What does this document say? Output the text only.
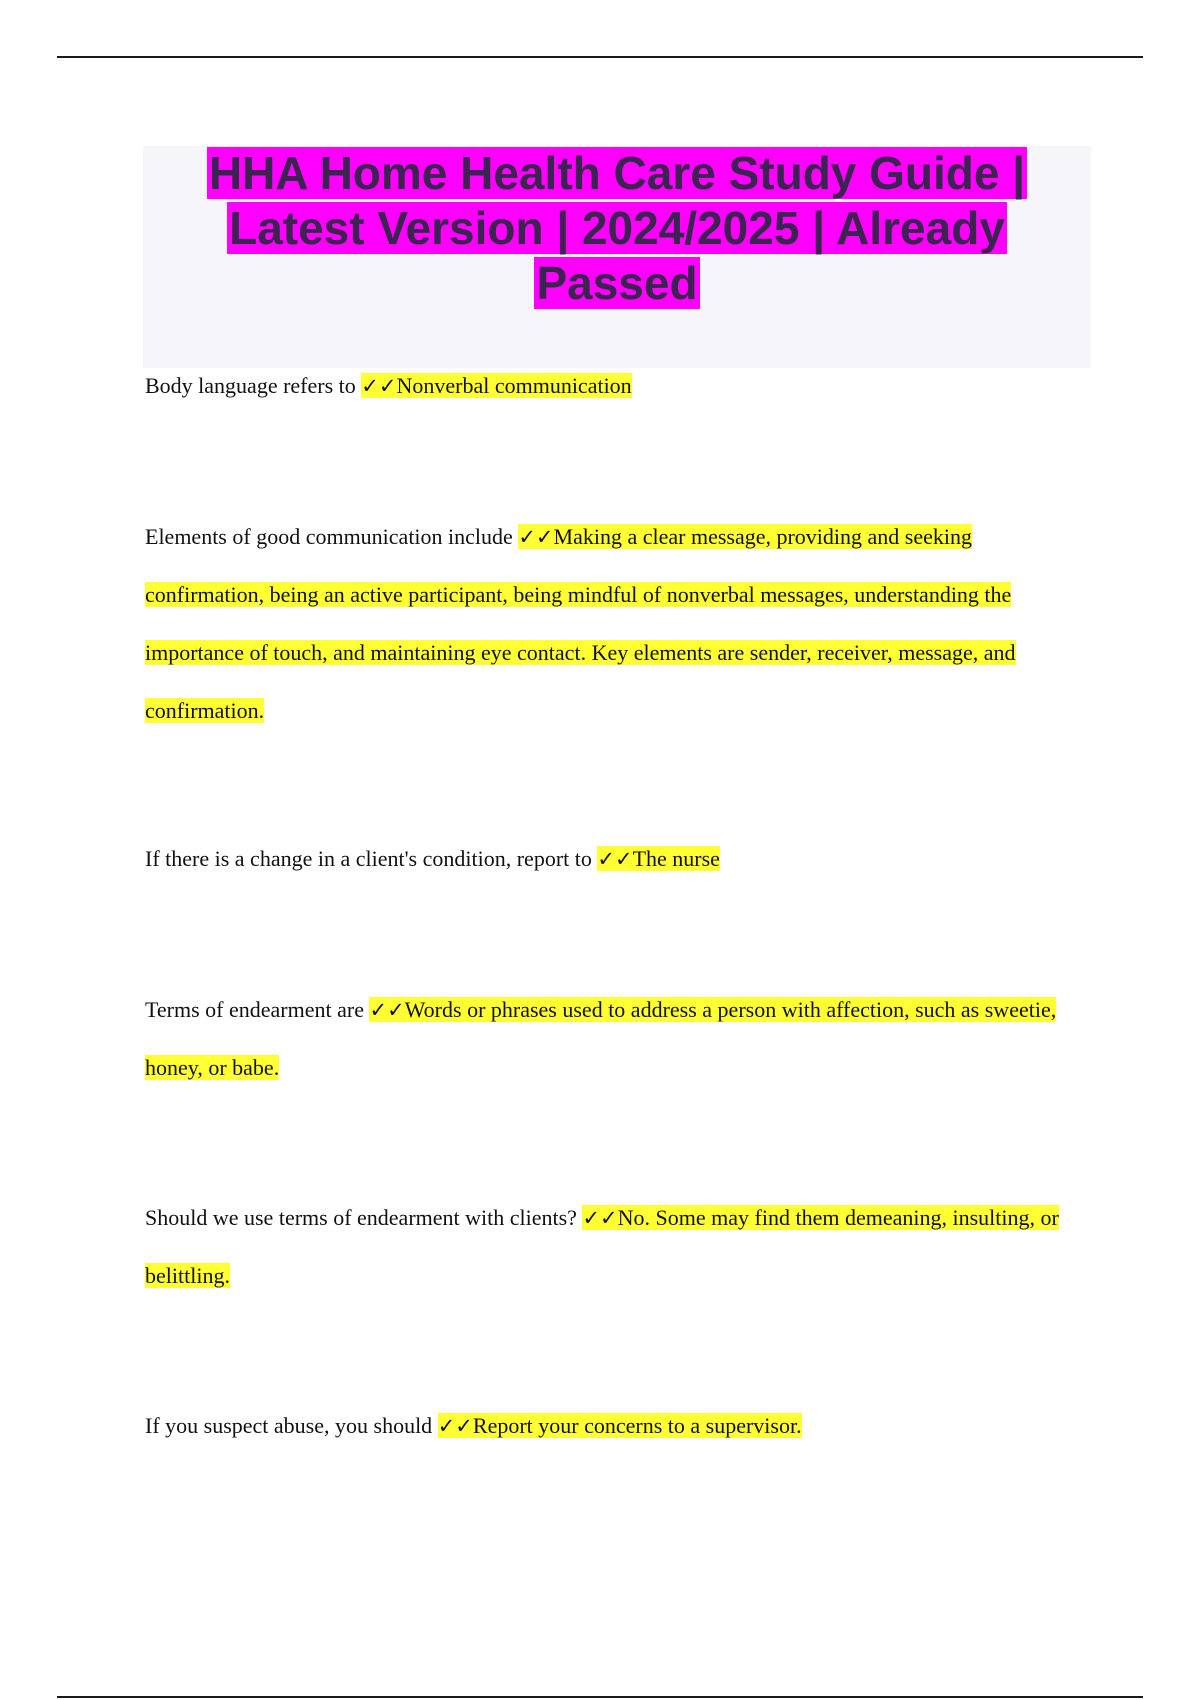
HHA Home Health Care Study Guide | Latest Version | 2024/2025 | Already Passed

Body language refers to ✓✓Nonverbal communication

Elements of good communication include ✓✓Making a clear message, providing and seeking confirmation, being an active participant, being mindful of nonverbal messages, understanding the importance of touch, and maintaining eye contact. Key elements are sender, receiver, message, and confirmation.

If there is a change in a client's condition, report to ✓✓The nurse

Terms of endearment are ✓✓Words or phrases used to address a person with affection, such as sweetie, honey, or babe.

Should we use terms of endearment with clients? ✓✓No. Some may find them demeaning, insulting, or belittling.

If you suspect abuse, you should ✓✓Report your concerns to a supervisor.
